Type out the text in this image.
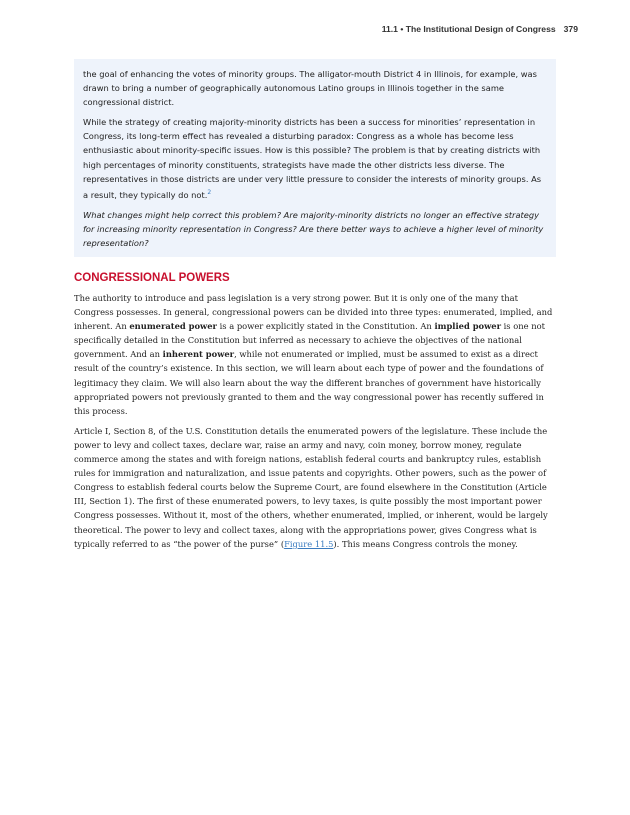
11.1 • The Institutional Design of Congress 379

the goal of enhancing the votes of minority groups. The alligator-mouth District 4 in Illinois, for example, was drawn to bring a number of geographically autonomous Latino groups in Illinois together in the same congressional district.

While the strategy of creating majority-minority districts has been a success for minorities’ representation in Congress, its long-term effect has revealed a disturbing paradox: Congress as a whole has become less enthusiastic about minority-specific issues. How is this possible? The problem is that by creating districts with high percentages of minority constituents, strategists have made the other districts less diverse. The representatives in those districts are under very little pressure to consider the interests of minority groups. As a result, they typically do not.$^2$

What changes might help correct this problem? Are majority-minority districts no longer an effective strategy for increasing minority representation in Congress? Are there better ways to achieve a higher level of minority representation?

CONGRESSIONAL POWERS

The authority to introduce and pass legislation is a very strong power. But it is only one of the many that Congress possesses. In general, congressional powers can be divided into three types: enumerated, implied, and inherent. An enumerated power is a power explicitly stated in the Constitution. An implied power is one not specifically detailed in the Constitution but inferred as necessary to achieve the objectives of the national government. And an inherent power, while not enumerated or implied, must be assumed to exist as a direct result of the country’s existence. In this section, we will learn about each type of power and the foundations of legitimacy they claim. We will also learn about the way the different branches of government have historically appropriated powers not previously granted to them and the way congressional power has recently suffered in this process.

Article I, Section 8, of the U.S. Constitution details the enumerated powers of the legislature. These include the power to levy and collect taxes, declare war, raise an army and navy, coin money, borrow money, regulate commerce among the states and with foreign nations, establish federal courts and bankruptcy rules, establish rules for immigration and naturalization, and issue patents and copyrights. Other powers, such as the power of Congress to establish federal courts below the Supreme Court, are found elsewhere in the Constitution (Article III, Section 1). The first of these enumerated powers, to levy taxes, is quite possibly the most important power Congress possesses. Without it, most of the others, whether enumerated, implied, or inherent, would be largely theoretical. The power to levy and collect taxes, along with the appropriations power, gives Congress what is typically referred to as “the power of the purse” (Figure 11.5). This means Congress controls the money.
